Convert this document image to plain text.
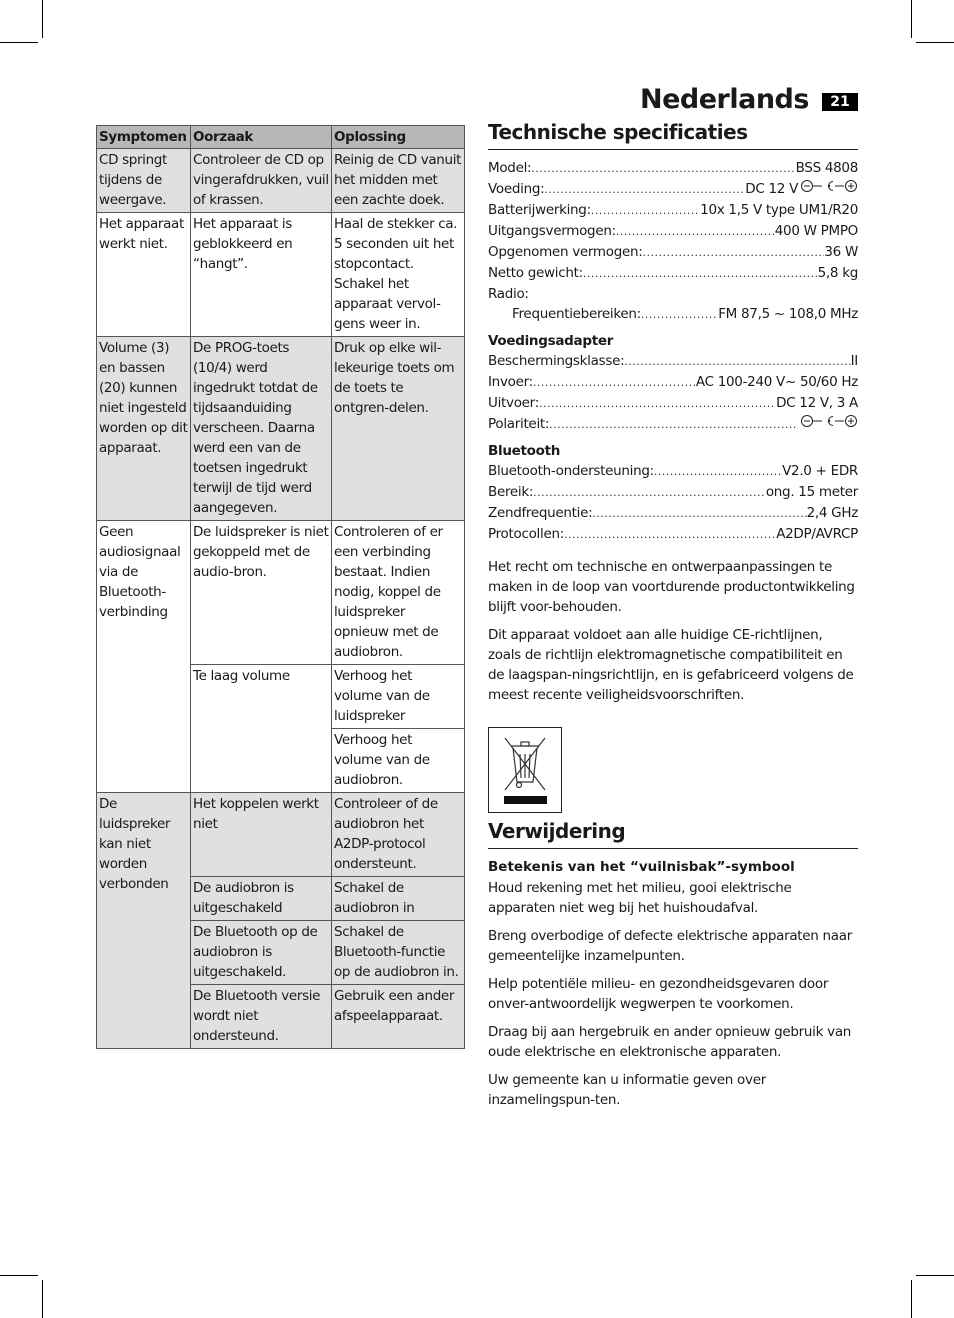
Nederlands	21
Symptomen	Oorzaak	Oplossing
CD springt tijdens de weergave.	Controleer de CD op vingerafdrukken, vuil of krassen.	Reinig de CD vanuit het midden met een zachte doek.
Het apparaat werkt niet.	Het apparaat is geblokkeerd en “hangt”.	Haal de stekker ca. 5 seconden uit het stopcontact. Schakel het apparaat vervol-gens weer in.
Volume (3) en bassen (20) kunnen niet ingesteld worden op dit apparaat.	De PROG-toets (10/4) werd ingedrukt totdat de tijdsaanduiding verscheen. Daarna werd een van de toetsen ingedrukt terwijl de tijd werd aangegeven.	Druk op elke wil-lekeurige toets om de toets te ontgren-delen.
Geen audiosignaal via de Bluetooth-verbinding	De luidspreker is niet gekoppeld met de audio-bron.	Controleren of er een verbinding bestaat. Indien nodig, koppel de luidspreker opnieuw met de audiobron.
	Te laag volume	Verhoog het volume van de luidspreker
		Verhoog het volume van de audiobron.
De luidspreker kan niet worden verbonden	Het koppelen werkt niet	Controleer of de audiobron het A2DP-protocol ondersteunt.
	De audiobron is uitgeschakeld	Schakel de audiobron in
	De Bluetooth op de audiobron is uitgeschakeld.	Schakel de Bluetooth-functie op de audiobron in.
	De Bluetooth versie wordt niet ondersteund.	Gebruik een ander afspeelapparaat.
Technische specificaties
Model: .....	BSS 4808
Voeding: .....	DC 12 V
Batterijwerking: .....	10x 1,5 V type UM1/R20
Uitgangsvermogen: .....	400 W PMPO
Opgenomen vermogen: .....	36 W
Netto gewicht: .....	5,8 kg
Radio:
Frequentiebereiken: .....	FM 87,5 ~ 108,0 MHz
Voedingsadapter
Beschermingsklasse: .....	II
Invoer: .....	AC 100-240 V~ 50/60 Hz
Uitvoer: .....	DC 12 V, 3 A
Polariteit:
.....
Bluetooth
Bluetooth-ondersteuning: .....	V2.0 + EDR
Bereik: .....	ong. 15 meter
Zendfrequentie: .....	2,4 GHz
Protocollen: .....	A2DP/AVRCP
Het recht om technische en ontwerpaanpassingen te maken in de loop van voortdurende productontwikkeling blijft voor-behouden.
Dit apparaat voldoet aan alle huidige CE-richtlijnen, zoals de richtlijn elektromagnetische compatibiliteit en de laagspan-ningsrichtlijn, en is gefabriceerd volgens de meest recente veiligheidsvoorschriften.
Verwijdering
Betekenis van het “vuilnisbak”-symbool
Houd rekening met het milieu, gooi elektrische apparaten niet weg bij het huishoudafval.
Breng overbodige of defecte elektrische apparaten naar gemeentelijke inzamelpunten.
Help potentiële milieu- en gezondheidsgevaren door onver-antwoordelijk wegwerpen te voorkomen.
Draag bij aan hergebruik en ander opnieuw gebruik van oude elektrische en elektronische apparaten.
Uw gemeente kan u informatie geven over inzamelingspun-ten.
